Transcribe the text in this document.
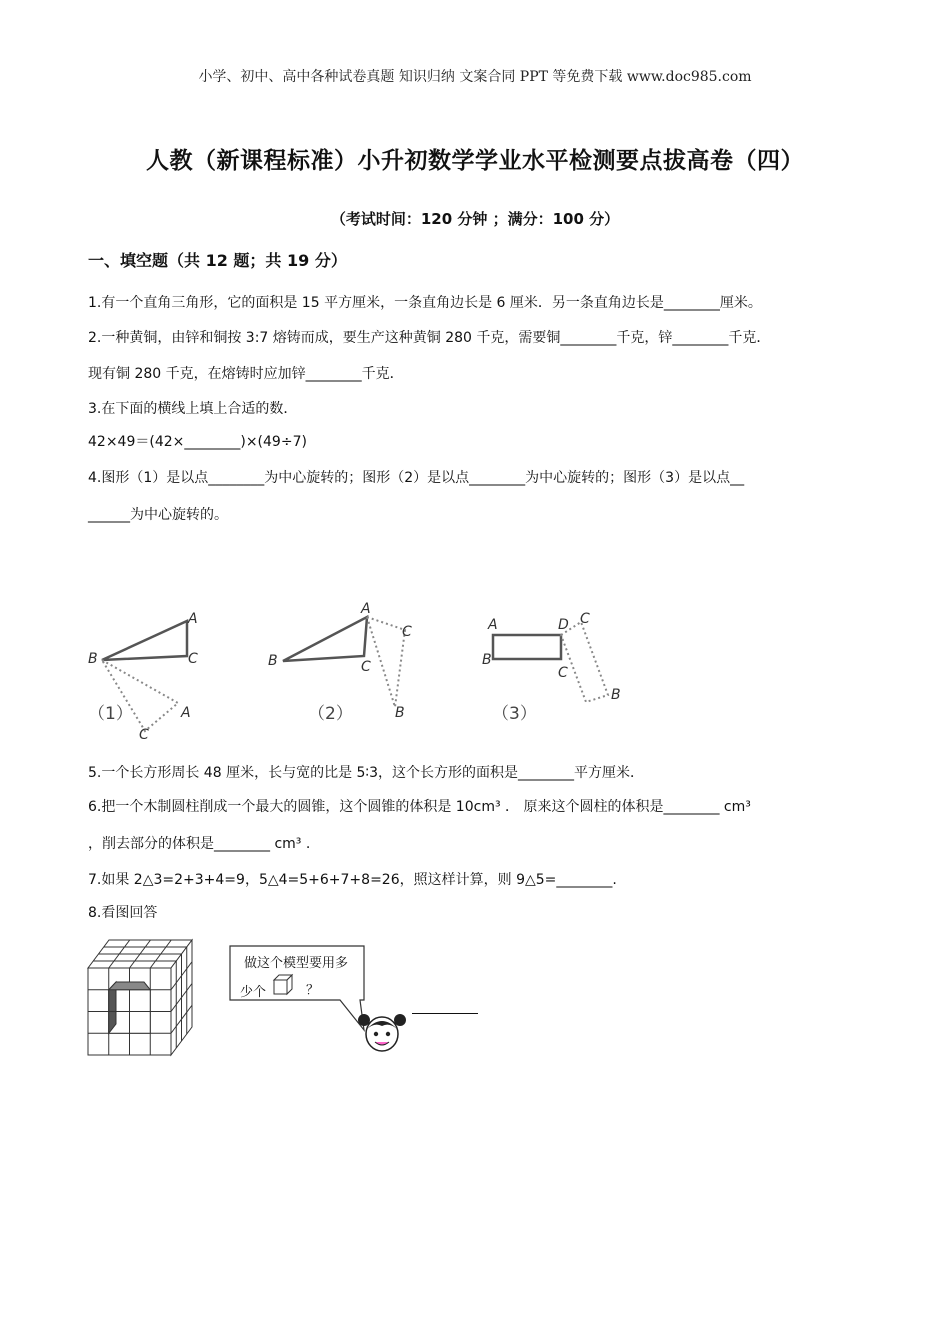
小学、初中、高中各种试卷真题 知识归纳 文案合同 PPT 等免费下载 www.doc985.com
人教（新课程标准）小升初数学学业水平检测要点拔高卷（四）
（考试时间：120 分钟 ；满分：100 分）
一、填空题（共 12 题；共 19 分）
1.有一个直角三角形，它的面积是 15 平方厘米，一条直角边长是 6 厘米．另一条直角边长是________厘米。
2.一种黄铜，由锌和铜按 3:7 熔铸而成，要生产这种黄铜 280 千克，需要铜________千克，锌________千克．
现有铜 280 千克，在熔铸时应加锌________千克．
3.在下面的横线上填上合适的数．
42×49＝(42×________)×(49÷7)
4.图形（1）是以点________为中心旋转的；图形（2）是以点________为中心旋转的；图形（3）是以点__
______为中心旋转的。
A
B	C
A
C
（1）
A
B	C
C
B
（2）
A	D C
B
C
B
（3）
5.一个长方形周长 48 厘米，长与宽的比是 5∶3，这个长方形的面积是________平方厘米．
6.把一个木制圆柱削成一个最大的圆锥，这个圆锥的体积是 10cm³ ． 原来这个圆柱的体积是________ cm³
，削去部分的体积是________ cm³ .
7.如果 2△3=2+3+4=9，5△4=5+6+7+8=26，照这样计算，则 9△5=________.
8.看图回答
做这个模型要用多
少个	？
